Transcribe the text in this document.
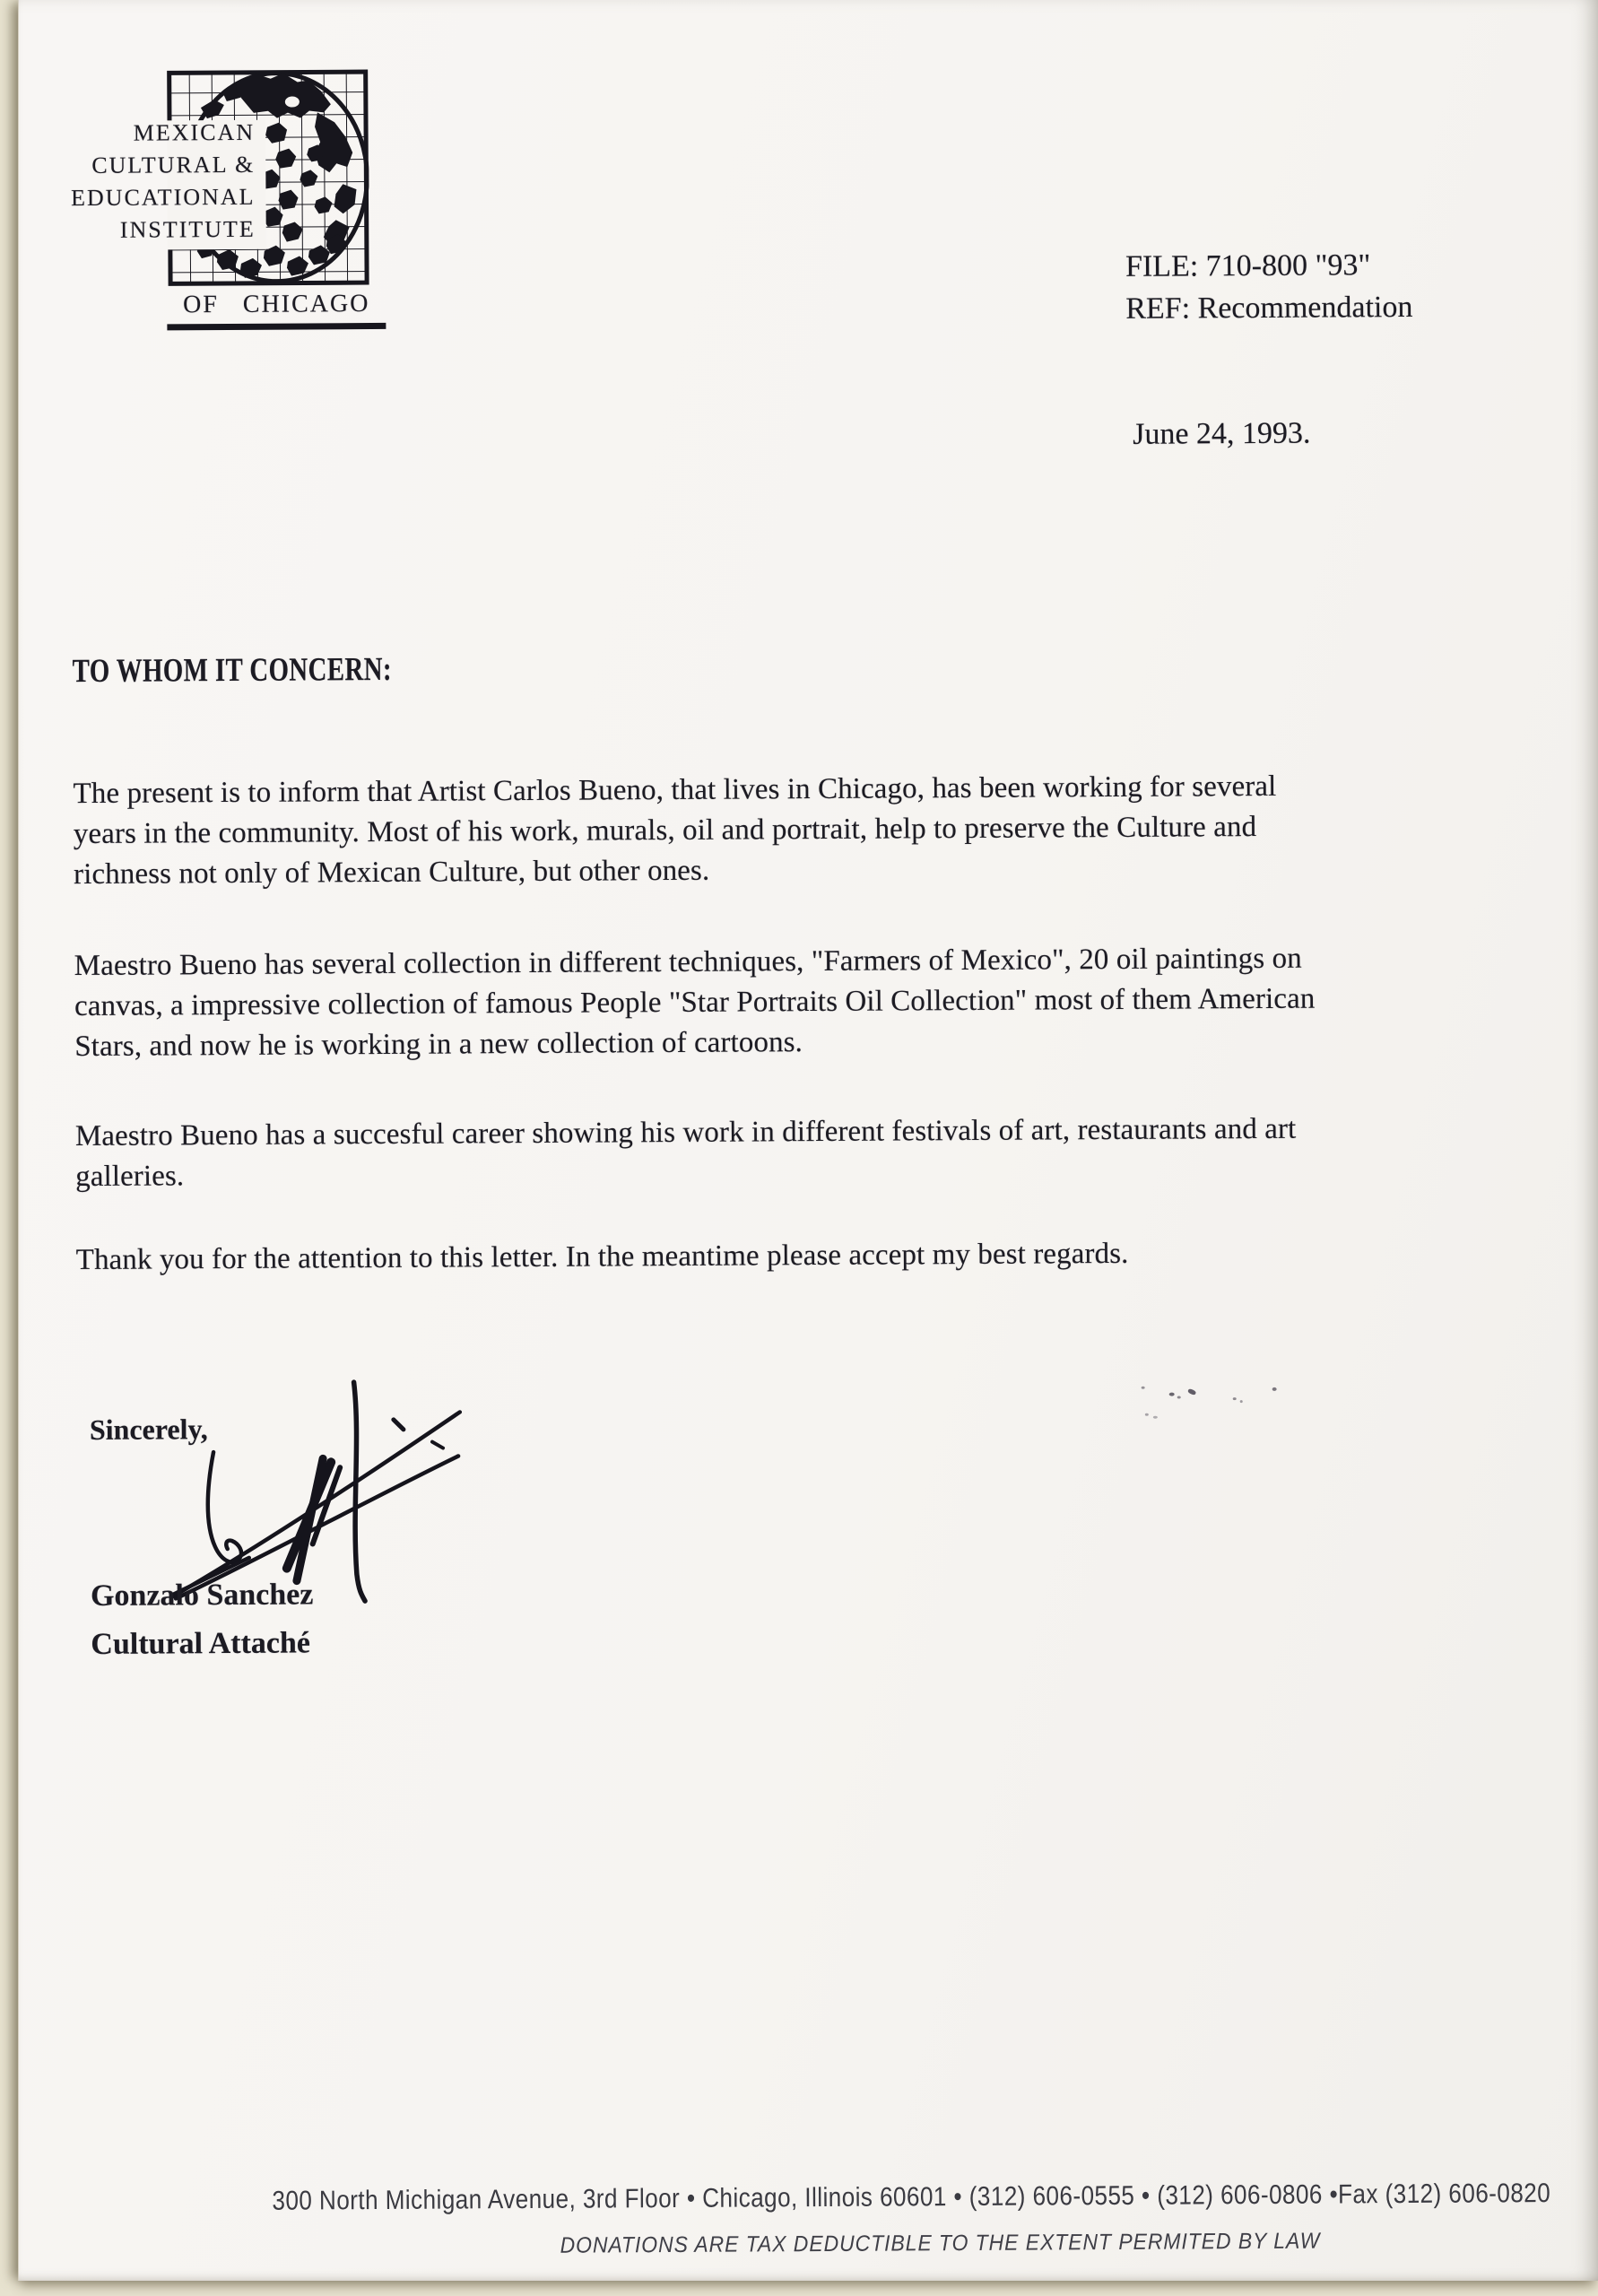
MEXICAN
CULTURAL &
EDUCATIONAL
INSTITUTE
OF CHICAGO
FILE: 710-800 "93"
REF: Recommendation
June 24, 1993.
TO WHOM IT CONCERN:
The present is to inform that Artist Carlos Bueno, that lives in Chicago, has been working for several
years in the community. Most of his work, murals, oil and portrait, help to preserve the Culture and
richness not only of Mexican Culture, but other ones.
Maestro Bueno has several collection in different techniques, "Farmers of Mexico", 20 oil paintings on
canvas, a impressive collection of famous People "Star Portraits Oil Collection" most of them American
Stars, and now he is working in a new collection of cartoons.
Maestro Bueno has a succesful career showing his work in different festivals of art, restaurants and art
galleries.
Thank you for the attention to this letter. In the meantime please accept my best regards.
Sincerely,
Gonzalo Sanchez
Cultural Attaché
300 North Michigan Avenue, 3rd Floor • Chicago, Illinois 60601 • (312) 606-0555 • (312) 606-0806 •Fax (312) 606-0820
DONATIONS ARE TAX DEDUCTIBLE TO THE EXTENT PERMITED BY LAW
